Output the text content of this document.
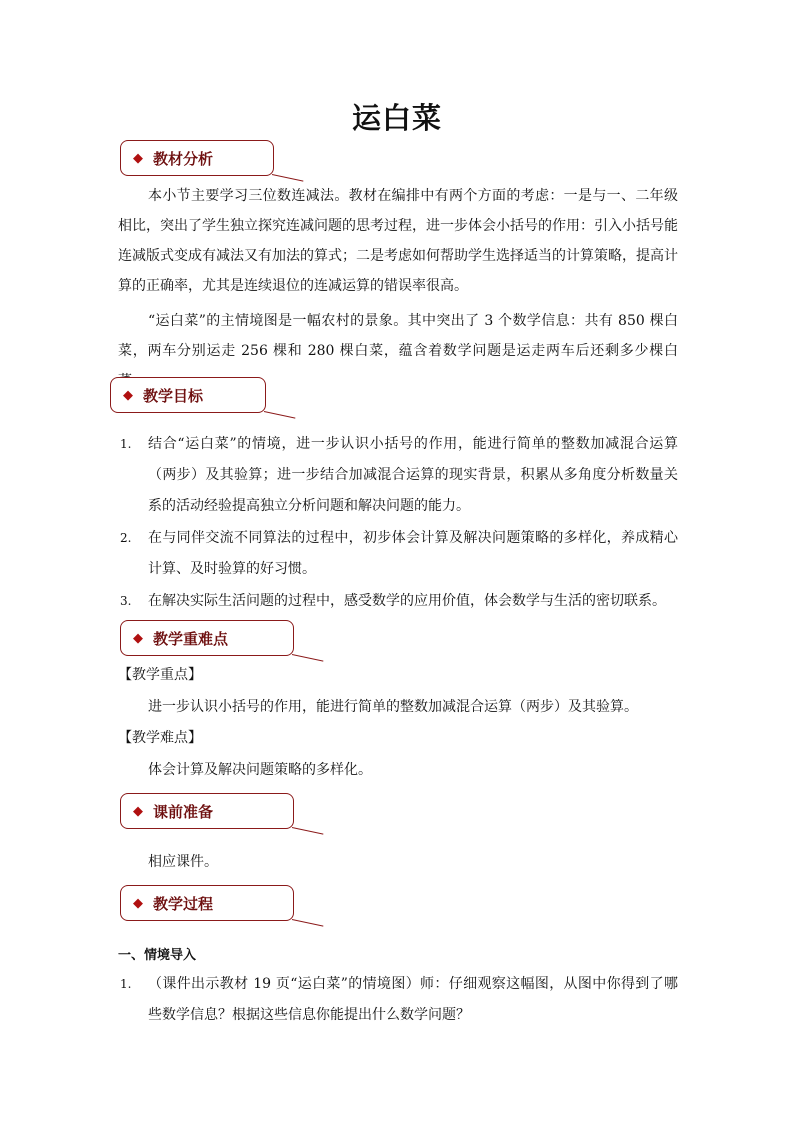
运白菜
◆ 教材分析
本小节主要学习三位数连减法。教材在编排中有两个方面的考虑：一是与一、二年级相比，突出了学生独立探究连减问题的思考过程，进一步体会小括号的作用：引入小括号能连减版式变成有减法又有加法的算式；二是考虑如何帮助学生选择适当的计算策略，提高计算的正确率，尤其是连续退位的连减运算的错误率很高。
“运白菜”的主情境图是一幅农村的景象。其中突出了 3 个数学信息：共有 850 棵白菜，两车分别运走 256 棵和 280 棵白菜，蕴含着数学问题是运走两车后还剩多少棵白
◆ 教学目标
1. 结合“运白菜”的情境，进一步认识小括号的作用，能进行简单的整数加减混合运算（两步）及其验算；进一步结合加减混合运算的现实背景，积累从多角度分析数量关系的活动经验提高独立分析问题和解决问题的能力。
2. 在与同伴交流不同算法的过程中，初步体会计算及解决问题策略的多样化，养成精心计算、及时验算的好习惯。
3. 在解决实际生活问题的过程中，感受数学的应用价值，体会数学与生活的密切联系。
◆ 教学重难点
【教学重点】
进一步认识小括号的作用，能进行简单的整数加减混合运算（两步）及其验算。
【教学难点】
体会计算及解决问题策略的多样化。
◆ 课前准备
相应课件。
◆ 教学过程
一、情境导入
1. （课件出示教材 19 页“运白菜”的情境图）师：仔细观察这幅图，从图中你得到了哪些数学信息？根据这些信息你能提出什么数学问题？
